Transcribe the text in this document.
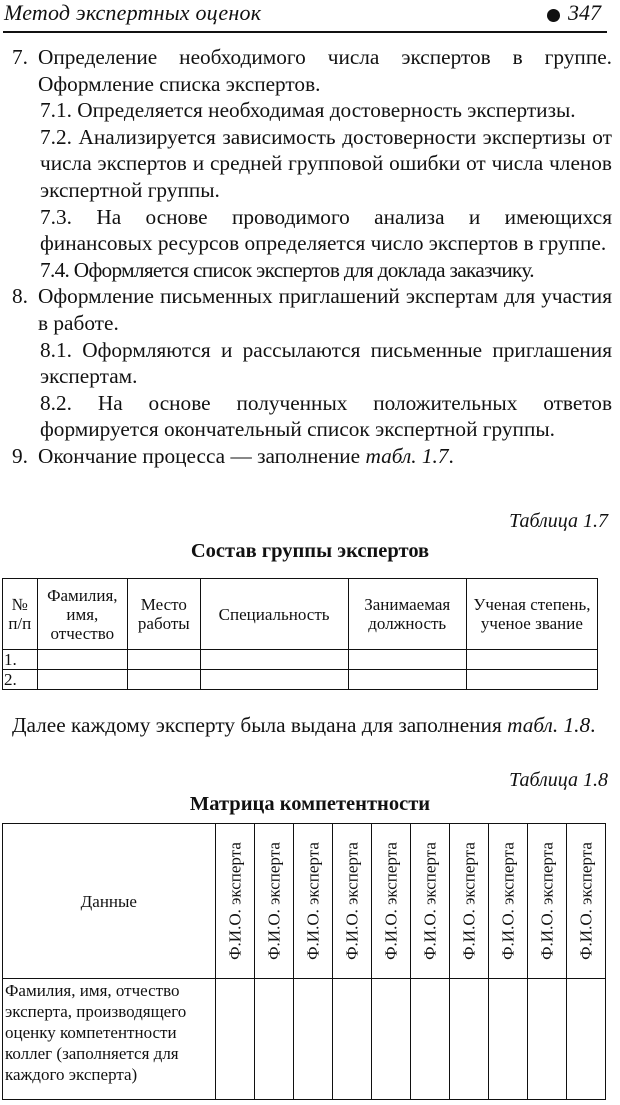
Метод экспертных оценок	347
7. Определение необходимого числа экспертов в группе. Оформление списка экспертов.
7.1. Определяется необходимая достоверность экспертизы.
7.2. Анализируется зависимость достоверности экспертизы от числа экспертов и средней групповой ошибки от числа членов экспертной группы.
7.3. На основе проводимого анализа и имеющихся финансовых ресурсов определяется число экспертов в группе.
7.4. Оформляется список экспертов для доклада заказчику.
8. Оформление письменных приглашений экспертам для участия в работе.
8.1. Оформляются и рассылаются письменные приглашения экспертам.
8.2. На основе полученных положительных ответов формируется окончательный список экспертной группы.
9. Окончание процесса — заполнение табл. 1.7.
Таблица 1.7
Состав группы экспертов
№ п/п	Фамилия, имя, отчество	Место работы	Специальность	Занимаемая должность	Ученая степень, ученое звание
1.					
2.					
Далее каждому эксперту была выдана для заполнения табл. 1.8.
Таблица 1.8
Матрица компетентности
Данные	Ф.И.О. эксперта	Ф.И.О. эксперта	Ф.И.О. эксперта	Ф.И.О. эксперта	Ф.И.О. эксперта	Ф.И.О. эксперта	Ф.И.О. эксперта	Ф.И.О. эксперта	Ф.И.О. эксперта	Ф.И.О. эксперта

Фамилия, имя, отчество эксперта, производящего оценку компетентности коллег (заполняется для каждого эксперта)										
